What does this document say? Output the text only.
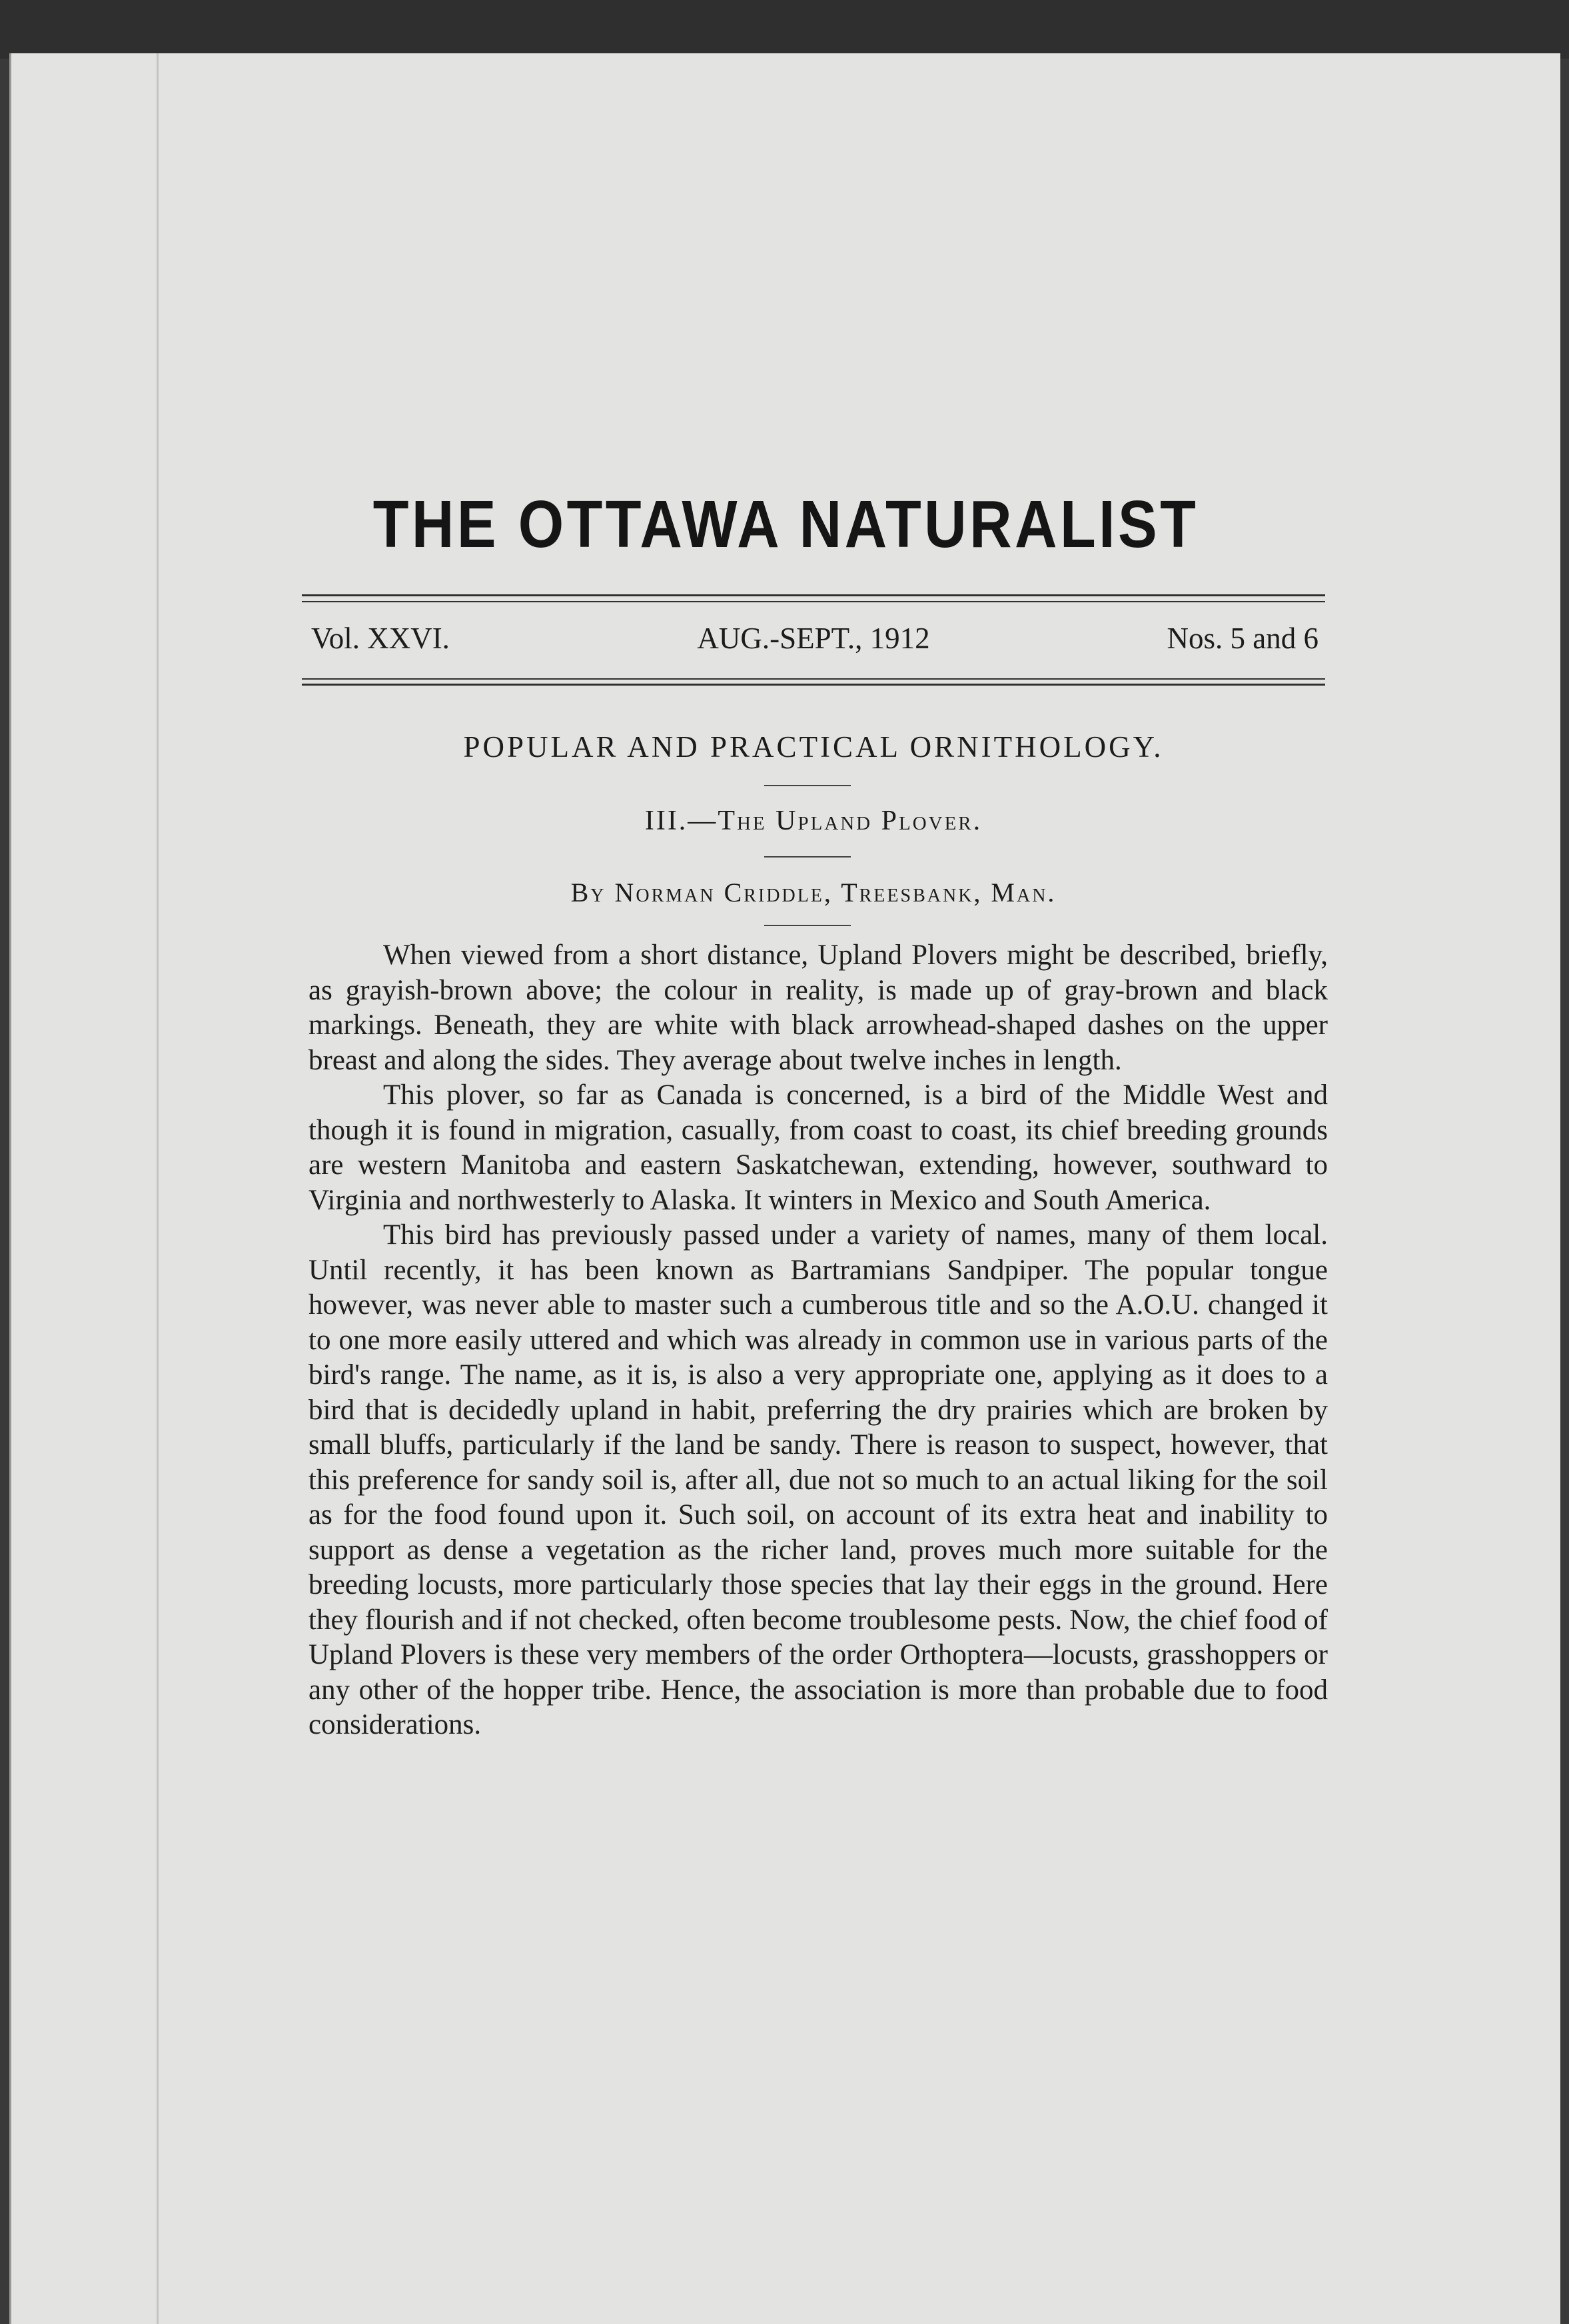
THE OTTAWA NATURALIST
Vol. XXVI.	AUG.-SEPT., 1912	Nos. 5 and 6
POPULAR AND PRACTICAL ORNITHOLOGY.
III.—The Upland Plover.
By Norman Criddle, Treesbank, Man.

When viewed from a short distance, Upland Plovers might be described, briefly, as grayish-brown above; the colour in reality, is made up of gray-brown and black markings. Beneath, they are white with black arrowhead-shaped dashes on the upper breast and along the sides. They average about twelve inches in length.

This plover, so far as Canada is concerned, is a bird of the Middle West and though it is found in migration, casually, from coast to coast, its chief breeding grounds are western Manitoba and eastern Saskatchewan, extending, however, southward to Virginia and northwesterly to Alaska. It winters in Mexico and South America.

This bird has previously passed under a variety of names, many of them local. Until recently, it has been known as Bartramians Sandpiper. The popular tongue however, was never able to master such a cumberous title and so the A.O.U. changed it to one more easily uttered and which was already in common use in various parts of the bird's range. The name, as it is, is also a very appropriate one, applying as it does to a bird that is decidedly upland in habit, preferring the dry prairies which are broken by small bluffs, particularly if the land be sandy. There is reason to suspect, however, that this preference for sandy soil is, after all, due not so much to an actual liking for the soil as for the food found upon it. Such soil, on account of its extra heat and inability to support as dense a vegetation as the richer land, proves much more suitable for the breeding locusts, more particularly those species that lay their eggs in the ground. Here they flourish and if not checked, often become troublesome pests. Now, the chief food of Upland Plovers is these very members of the order Orthoptera—locusts, grasshoppers or any other of the hopper tribe. Hence, the association is more than probable due to food considerations.
